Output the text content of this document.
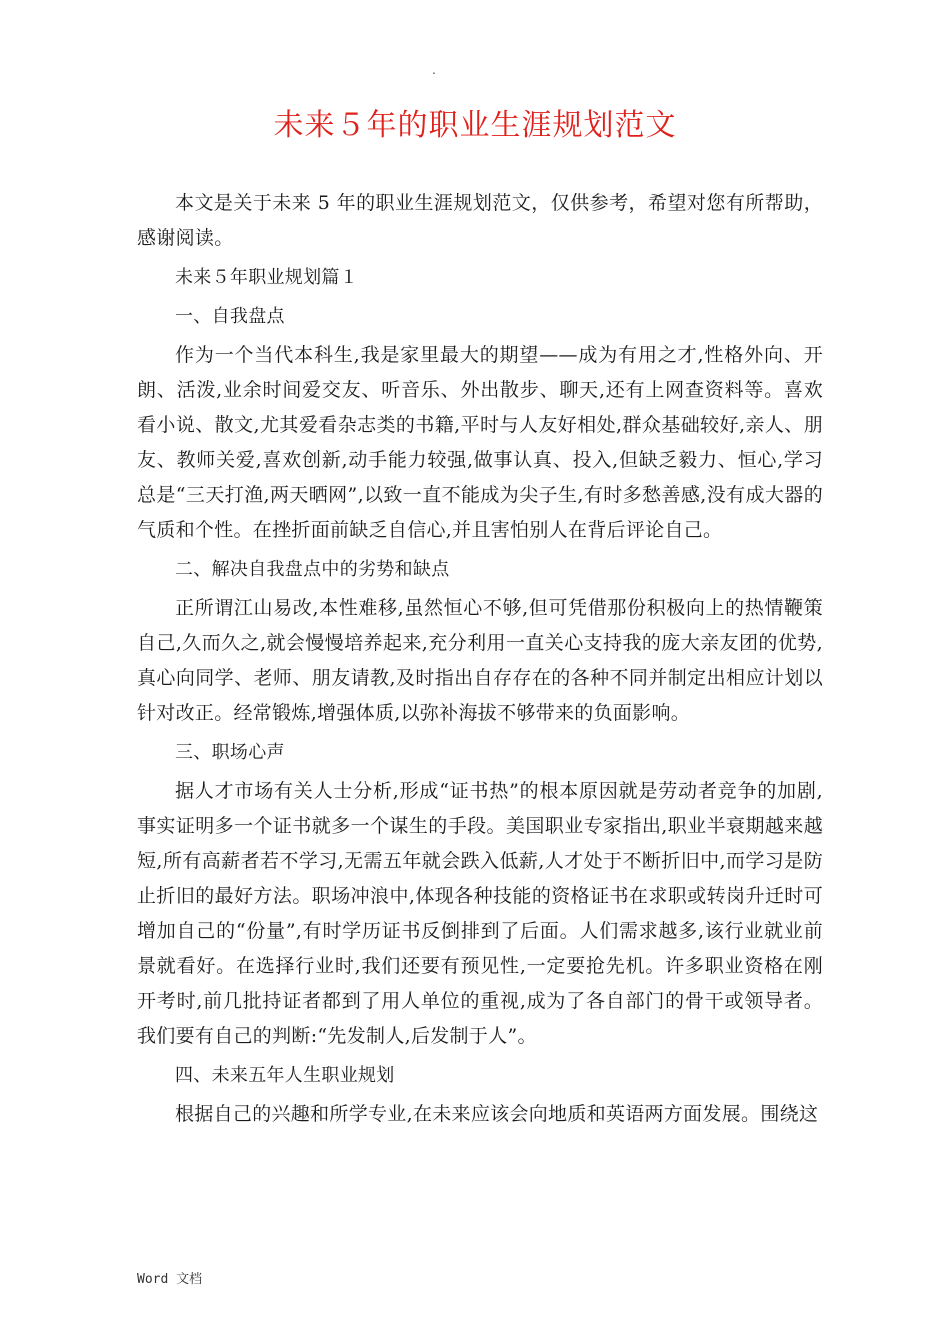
.
未来５年的职业生涯规划范文

本文是关于未来 5 年的职业生涯规划范文，仅供参考，希望对您有所帮助，感谢阅读。

未来５年职业规划篇１

一、自我盘点

作为一个当代本科生,我是家里最大的期望——成为有用之才,性格外向、开朗、活泼,业余时间爱交友、听音乐、外出散步、聊天,还有上网查资料等。喜欢看小说、散文,尤其爱看杂志类的书籍,平时与人友好相处,群众基础较好,亲人、朋友、教师关爱,喜欢创新,动手能力较强,做事认真、投入,但缺乏毅力、恒心,学习总是“三天打渔,两天晒网”,以致一直不能成为尖子生,有时多愁善感,没有成大器的气质和个性。在挫折面前缺乏自信心,并且害怕别人在背后评论自己。

二、解决自我盘点中的劣势和缺点

正所谓江山易改,本性难移,虽然恒心不够,但可凭借那份积极向上的热情鞭策自己,久而久之,就会慢慢培养起来,充分利用一直关心支持我的庞大亲友团的优势,真心向同学、老师、朋友请教,及时指出自存存在的各种不同并制定出相应计划以针对改正。经常锻炼,增强体质,以弥补海拔不够带来的负面影响。

三、职场心声

据人才市场有关人士分析,形成“证书热”的根本原因就是劳动者竞争的加剧,事实证明多一个证书就多一个谋生的手段。美国职业专家指出,职业半衰期越来越短,所有高薪者若不学习,无需五年就会跌入低薪,人才处于不断折旧中,而学习是防止折旧的最好方法。职场冲浪中,体现各种技能的资格证书在求职或转岗升迁时可增加自己的“份量”,有时学历证书反倒排到了后面。人们需求越多,该行业就业前景就看好。在选择行业时,我们还要有预见性,一定要抢先机。许多职业资格在刚开考时,前几批持证者都到了用人单位的重视,成为了各自部门的骨干或领导者。我们要有自己的判断:“先发制人,后发制于人”。

四、未来五年人生职业规划

根据自己的兴趣和所学专业,在未来应该会向地质和英语两方面发展。围绕这

Word 文档
